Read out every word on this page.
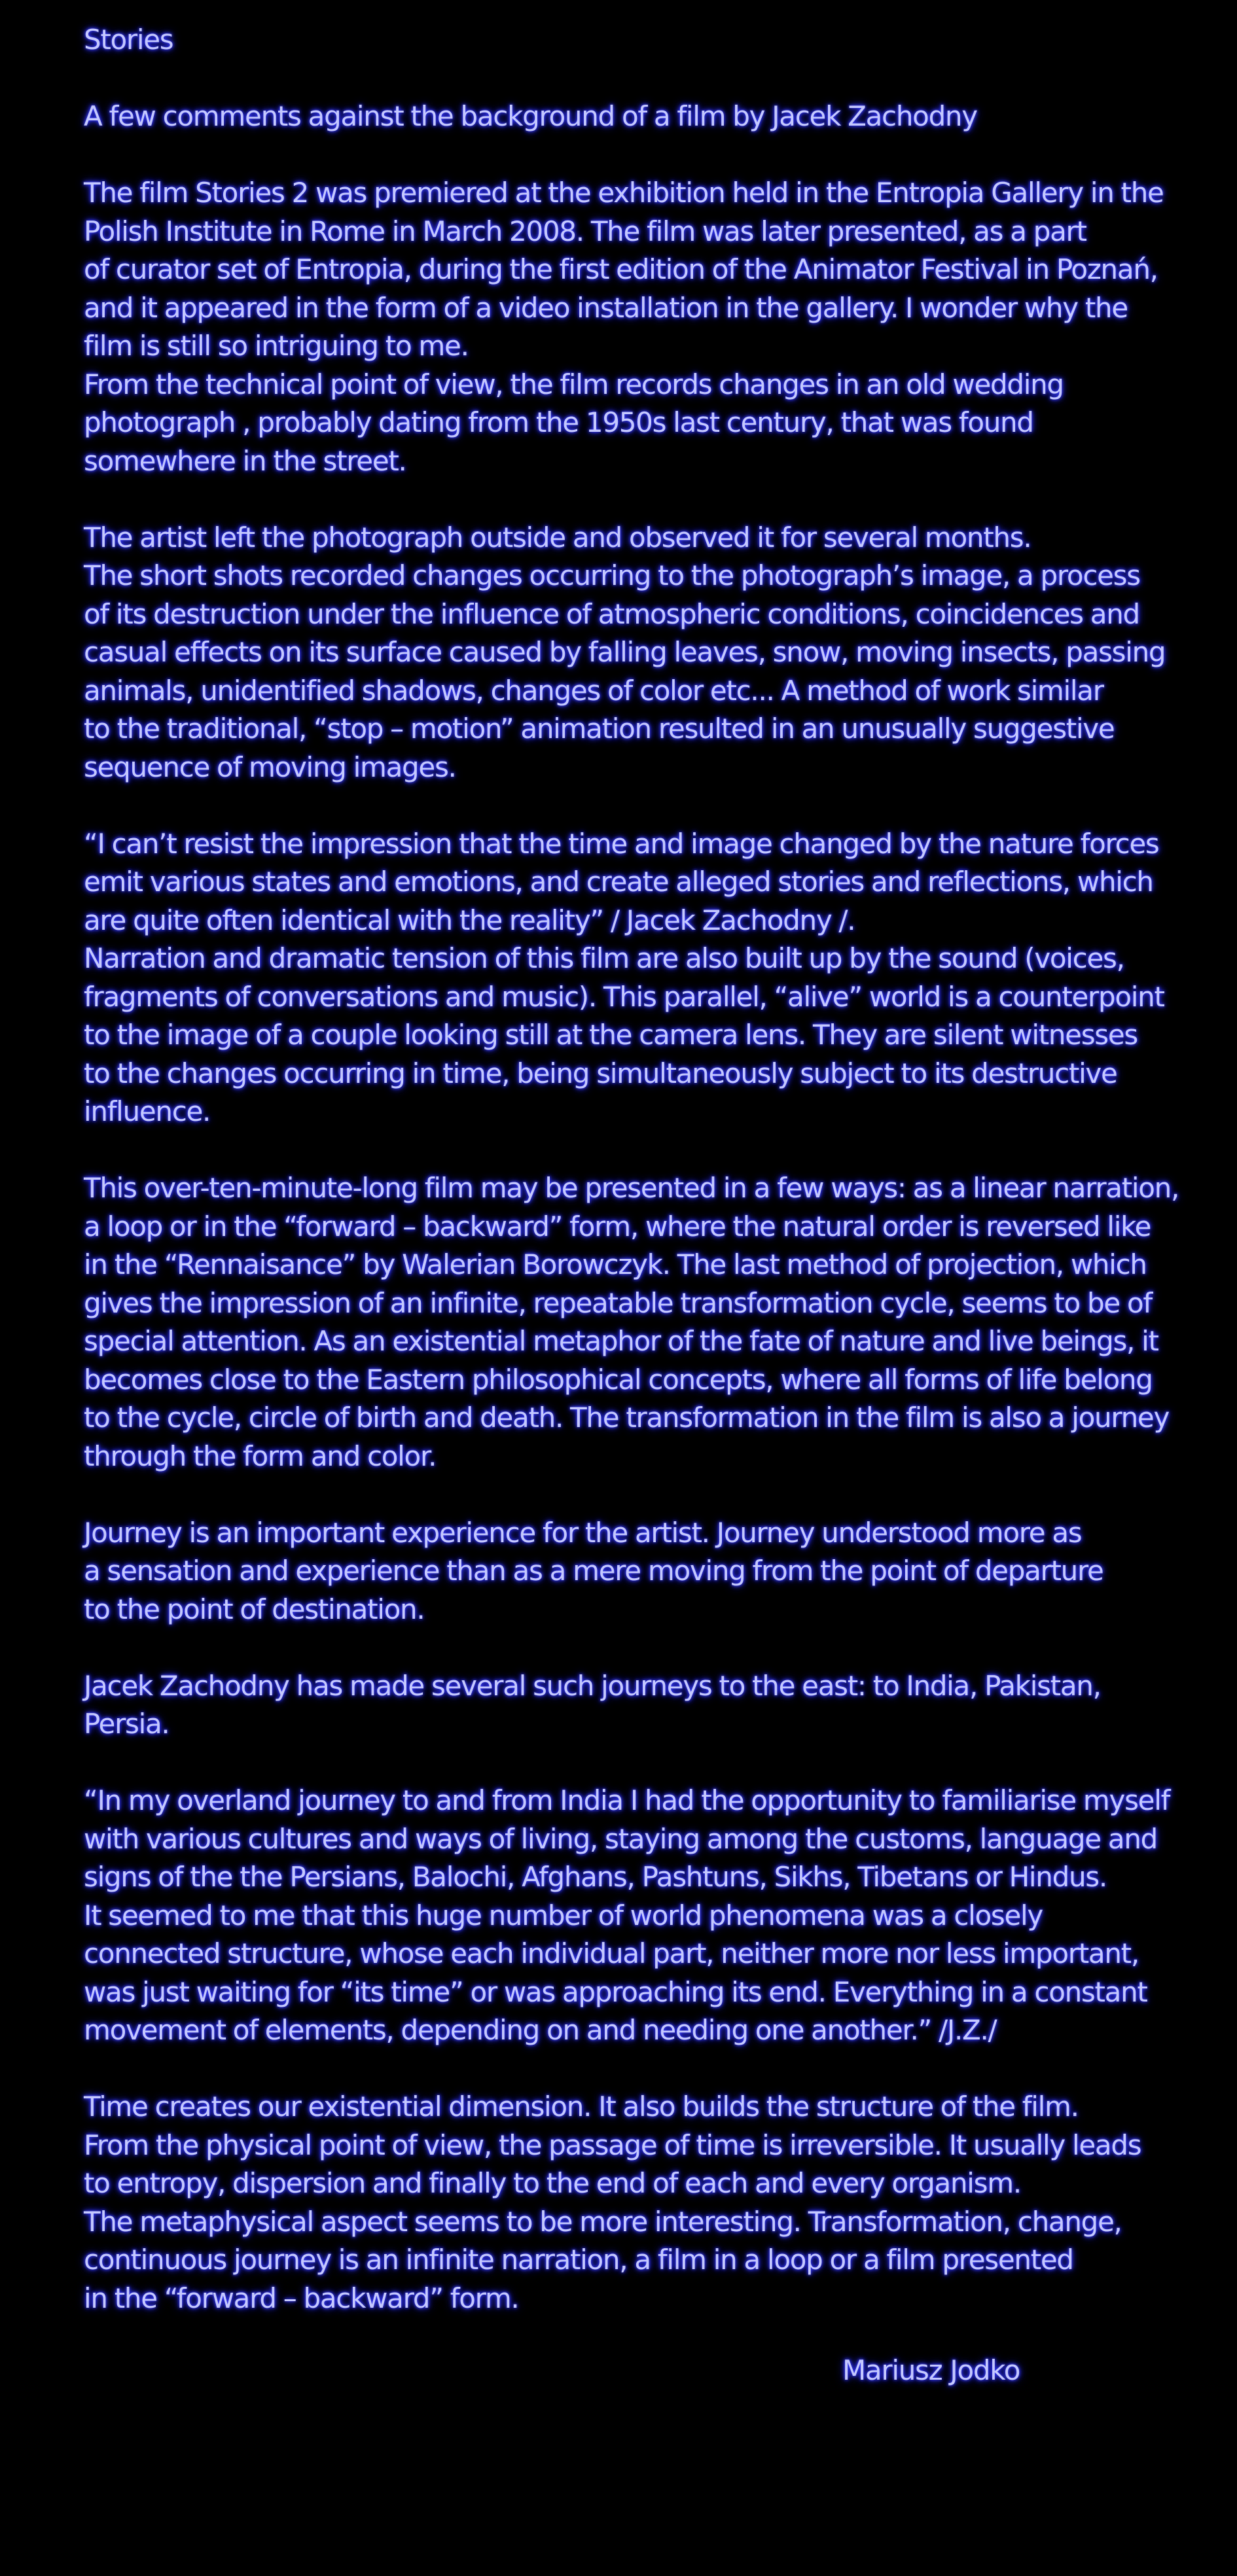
Stories
A few comments against the background of a film by Jacek Zachodny
The film Stories 2 was premiered at the exhibition held in the Entropia Gallery in the
Polish Institute in Rome in March 2008. The film was later presented, as a part
of curator set of Entropia, during the first edition of the Animator Festival in Poznań,
and it appeared in the form of a video installation in the gallery. I wonder why the
film is still so intriguing to me.
From the technical point of view, the film records changes in an old wedding
photograph , probably dating from the 1950s last century, that was found
somewhere in the street.
The artist left the photograph outside and observed it for several months.
The short shots recorded changes occurring to the photograph’s image, a process
of its destruction under the influence of atmospheric conditions, coincidences and
casual effects on its surface caused by falling leaves, snow, moving insects, passing
animals, unidentified shadows, changes of color etc... A method of work similar
to the traditional, “stop – motion” animation resulted in an unusually suggestive
sequence of moving images.
“I can’t resist the impression that the time and image changed by the nature forces
emit various states and emotions, and create alleged stories and reflections, which
are quite often identical with the reality” / Jacek Zachodny /.
Narration and dramatic tension of this film are also built up by the sound (voices,
fragments of conversations and music). This parallel, “alive” world is a counterpoint
to the image of a couple looking still at the camera lens. They are silent witnesses
to the changes occurring in time, being simultaneously subject to its destructive
influence.
This over-ten-minute-long film may be presented in a few ways: as a linear narration,
a loop or in the “forward – backward” form, where the natural order is reversed like
in the “Rennaisance” by Walerian Borowczyk. The last method of projection, which
gives the impression of an infinite, repeatable transformation cycle, seems to be of
special attention. As an existential metaphor of the fate of nature and live beings, it
becomes close to the Eastern philosophical concepts, where all forms of life belong
to the cycle, circle of birth and death. The transformation in the film is also a journey
through the form and color.
Journey is an important experience for the artist. Journey understood more as
a sensation and experience than as a mere moving from the point of departure
to the point of destination.
Jacek Zachodny has made several such journeys to the east: to India, Pakistan,
Persia.
“In my overland journey to and from India I had the opportunity to familiarise myself
with various cultures and ways of living, staying among the customs, language and
signs of the the Persians, Balochi, Afghans, Pashtuns, Sikhs, Tibetans or Hindus.
It seemed to me that this huge number of world phenomena was a closely
connected structure, whose each individual part, neither more nor less important,
was just waiting for “its time” or was approaching its end. Everything in a constant
movement of elements, depending on and needing one another.” /J.Z./
Time creates our existential dimension. It also builds the structure of the film.
From the physical point of view, the passage of time is irreversible. It usually leads
to entropy, dispersion and finally to the end of each and every organism.
The metaphysical aspect seems to be more interesting. Transformation, change,
continuous journey is an infinite narration, a film in a loop or a film presented
in the “forward – backward” form.
Mariusz Jodko
